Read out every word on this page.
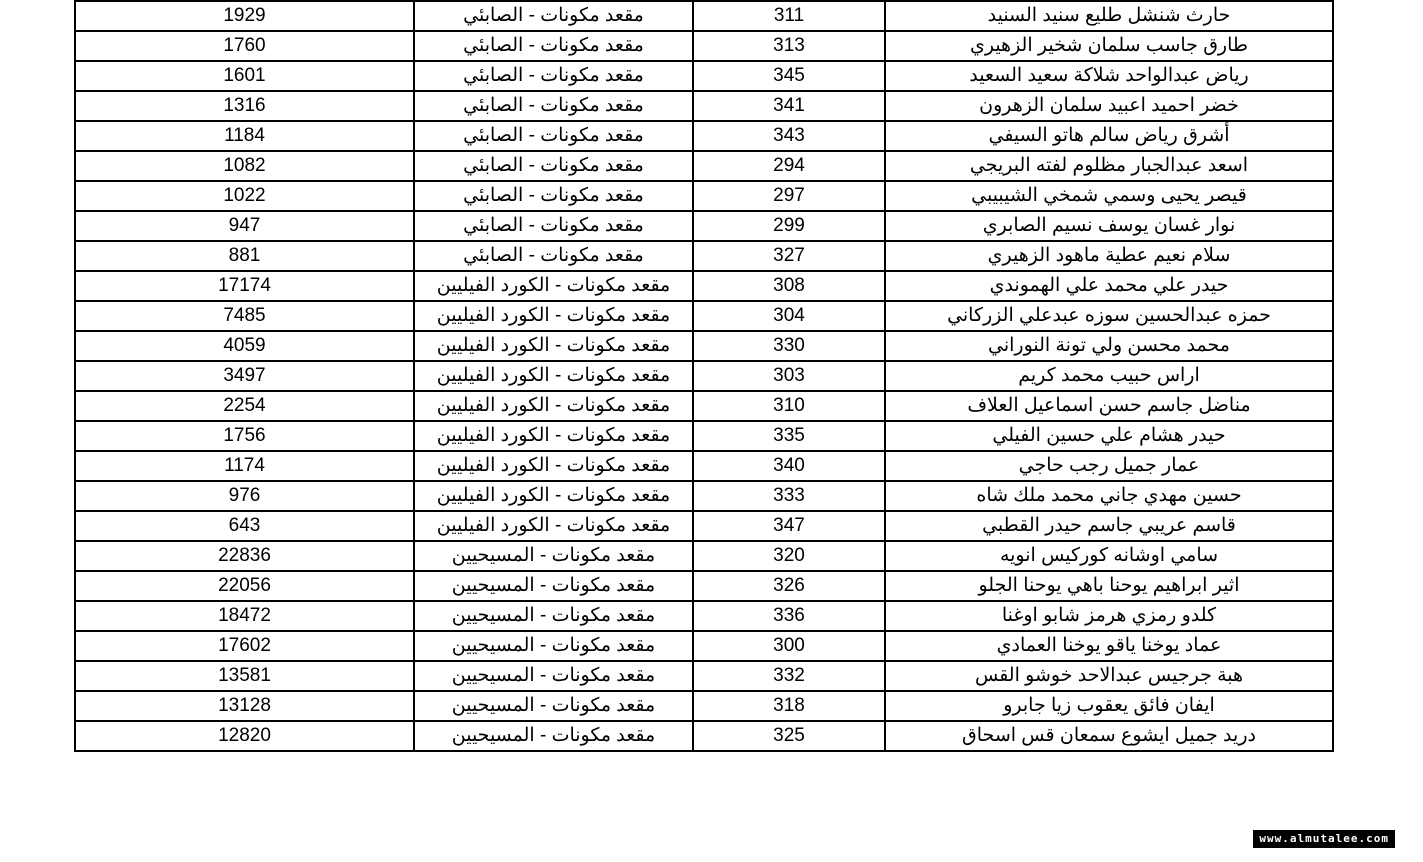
1929	مقعد مكونات - الصابئي	311	حارث شنشل طليع سنيد السنيد
1760	مقعد مكونات - الصابئي	313	طارق جاسب سلمان شخير الزهيري
1601	مقعد مكونات - الصابئي	345	رياض عبدالواحد شلاكة سعيد السعيد
1316	مقعد مكونات - الصابئي	341	خضر احميد اعبيد سلمان الزهرون
1184	مقعد مكونات - الصابئي	343	أشرق رياض سالم هاتو السيفي
1082	مقعد مكونات - الصابئي	294	اسعد عبدالجبار مظلوم لفته البريجي
1022	مقعد مكونات - الصابئي	297	قيصر يحيى وسمي شمخي الشيبيبي
947	مقعد مكونات - الصابئي	299	نوار غسان يوسف نسيم الصابري
881	مقعد مكونات - الصابئي	327	سلام نعيم عطية ماهود الزهيري
17174	مقعد مكونات - الكورد الفيليين	308	حيدر علي محمد علي الهموندي
7485	مقعد مكونات - الكورد الفيليين	304	حمزه عبدالحسين سوزه عبدعلي الزركاني
4059	مقعد مكونات - الكورد الفيليين	330	محمد محسن ولي تونة النوراني
3497	مقعد مكونات - الكورد الفيليين	303	اراس حبيب محمد كريم
2254	مقعد مكونات - الكورد الفيليين	310	مناضل جاسم حسن اسماعيل العلاف
1756	مقعد مكونات - الكورد الفيليين	335	حيدر هشام علي حسين الفيلي
1174	مقعد مكونات - الكورد الفيليين	340	عمار جميل رجب حاجي
976	مقعد مكونات - الكورد الفيليين	333	حسين مهدي جاني محمد ملك شاه
643	مقعد مكونات - الكورد الفيليين	347	قاسم عريبي جاسم حيدر القطبي
22836	مقعد مكونات - المسيحيين	320	سامي اوشانه كوركيس انويه
22056	مقعد مكونات - المسيحيين	326	اثير ابراهيم يوحنا باهي يوحنا الجلو
18472	مقعد مكونات - المسيحيين	336	كلدو رمزي هرمز شابو اوغنا
17602	مقعد مكونات - المسيحيين	300	عماد يوخنا ياقو يوخنا العمادي
13581	مقعد مكونات - المسيحيين	332	هبة جرجيس عبدالاحد خوشو القس
13128	مقعد مكونات - المسيحيين	318	ايفان فائق يعقوب زيا جابرو
12820	مقعد مكونات - المسيحيين	325	دريد جميل ايشوع سمعان قس اسحاق
www.almutalee.com
